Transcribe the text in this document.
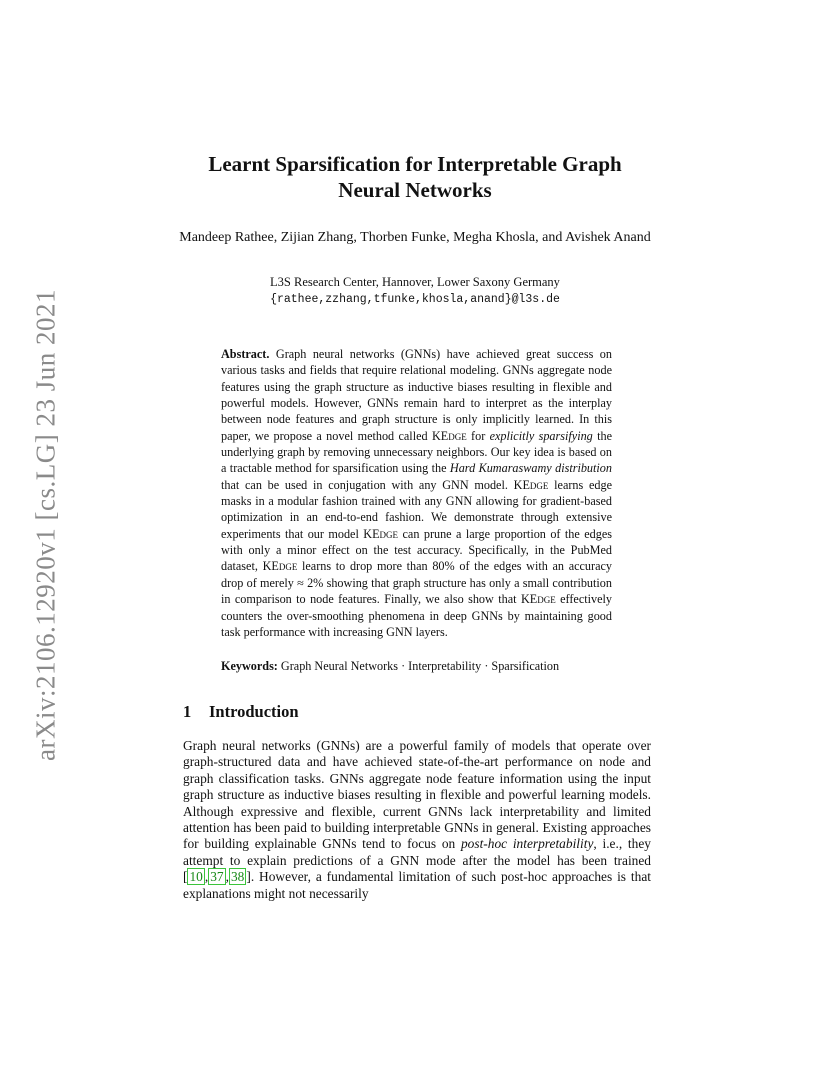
arXiv:2106.12920v1 [cs.LG] 23 Jun 2021
Learnt Sparsification for Interpretable Graph Neural Networks
Mandeep Rathee, Zijian Zhang, Thorben Funke, Megha Khosla, and Avishek Anand
L3S Research Center, Hannover, Lower Saxony Germany
{rathee,zzhang,tfunke,khosla,anand}@l3s.de
Abstract. Graph neural networks (GNNs) have achieved great success on various tasks and fields that require relational modeling. GNNs aggregate node features using the graph structure as inductive biases resulting in flexible and powerful models. However, GNNs remain hard to interpret as the interplay between node features and graph structure is only implicitly learned. In this paper, we propose a novel method called KEdge for explicitly sparsifying the underlying graph by removing unnecessary neighbors. Our key idea is based on a tractable method for sparsification using the Hard Kumaraswamy distribution that can be used in conjugation with any GNN model. KEdge learns edge masks in a modular fashion trained with any GNN allowing for gradient-based optimization in an end-to-end fashion. We demonstrate through extensive experiments that our model KEdge can prune a large proportion of the edges with only a minor effect on the test accuracy. Specifically, in the PubMed dataset, KEdge learns to drop more than 80% of the edges with an accuracy drop of merely ≈ 2% showing that graph structure has only a small contribution in comparison to node features. Finally, we also show that KEdge effectively counters the over-smoothing phenomena in deep GNNs by maintaining good task performance with increasing GNN layers.
Keywords: Graph Neural Networks · Interpretability · Sparsification
1 Introduction
Graph neural networks (GNNs) are a powerful family of models that operate over graph-structured data and have achieved state-of-the-art performance on node and graph classification tasks. GNNs aggregate node feature information using the input graph structure as inductive biases resulting in flexible and powerful learning models. Although expressive and flexible, current GNNs lack interpretability and limited attention has been paid to building interpretable GNNs in general. Existing approaches for building explainable GNNs tend to focus on post-hoc interpretability, i.e., they attempt to explain predictions of a GNN mode after the model has been trained [ 10 , 37 , 38 ]. However, a fundamental limitation of such post-hoc approaches is that explanations might not necessarily
